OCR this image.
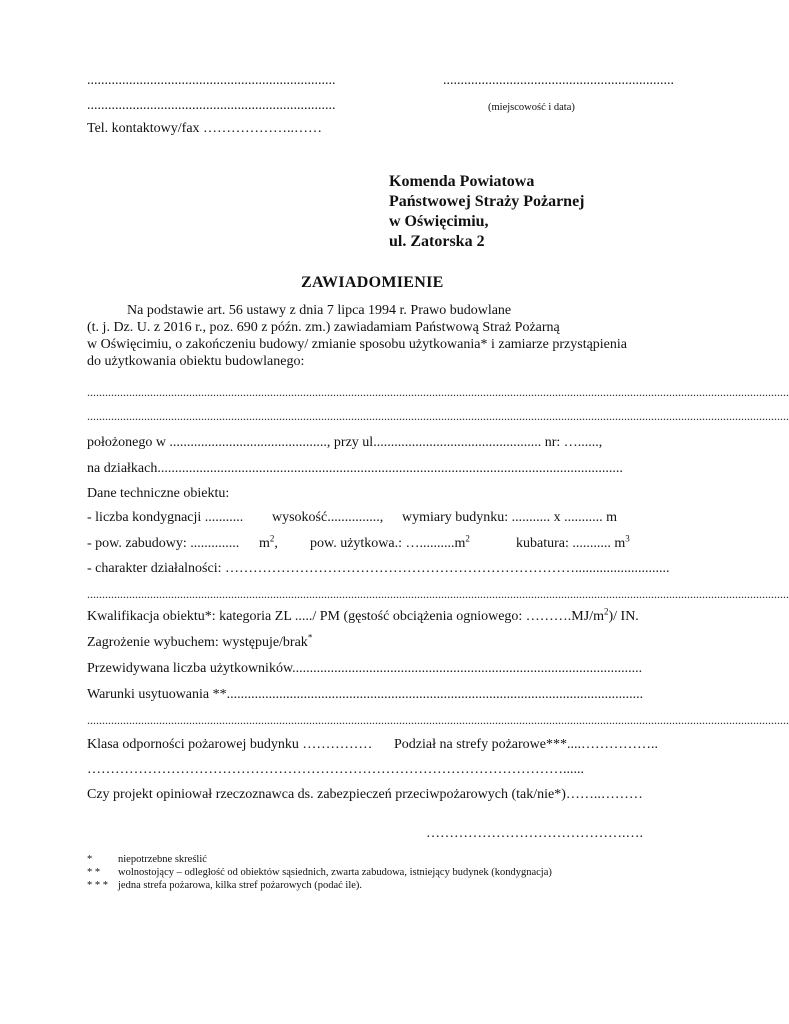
.......................................................................	..................................................................
.......................................................................	(miejscowość i data)
Tel. kontaktowy/fax ………………..……
Komenda Powiatowa
Państwowej Straży Pożarnej
w Oświęcimiu,
ul. Zatorska 2
ZAWIADOMIENIE
Na podstawie art. 56 ustawy z dnia 7 lipca 1994 r. Prawo budowlane
(t. j. Dz. U. z 2016 r., poz. 690 z późn. zm.) zawiadamiam Państwową Straż Pożarną
w Oświęcimiu, o zakończeniu budowy/ zmianie sposobu użytkowania* i zamiarze przystąpienia
do użytkowania obiektu budowlanego:
..........................................................................................................................................................................................................................................
..........................................................................................................................................................................................................................................
położonego w ............................................., przy ul................................................ nr: …......,
na działkach.....................................................................................................................................
Dane techniczne obiektu:
- liczba kondygnacji ........... wysokość..............., wymiary budynku: ........... x ........... m
- pow. zabudowy: .............. $m^2$, pow. użytkowa.: $\dots..........m^2$	kubatura: ........... $m^3$
- charakter działalności: …………………………………………………………………...........................
..........................................................................................................................................................................................................................................
Kwalifikacja obiektu*: kategoria ZL ...../ PM (gęstość obciążenia ogniowego: $\dots\dots\dots.MJ/m^2)/$ IN.
Zagrożenie wybuchem: występuje/brak*
Przewidywana liczba użytkowników....................................................................................................
Warunki usytuowania **.......................................................................................................................
..........................................................................................................................................................................................................................................
Klasa odporności pożarowej budynku …………… Podział na strefy pożarowe***....……………..
…………………………………………………………………………………………......
Czy projekt opiniował rzeczoznawca ds. zabezpieczeń przeciwpożarowych (tak/nie*)……..………
…………………………………….….
* niepotrzebne skreślić
* * wolnostojący – odległość od obiektów sąsiednich, zwarta zabudowa, istniejący budynek (kondygnacja)
* * * jedna strefa pożarowa, kilka stref pożarowych (podać ile).
